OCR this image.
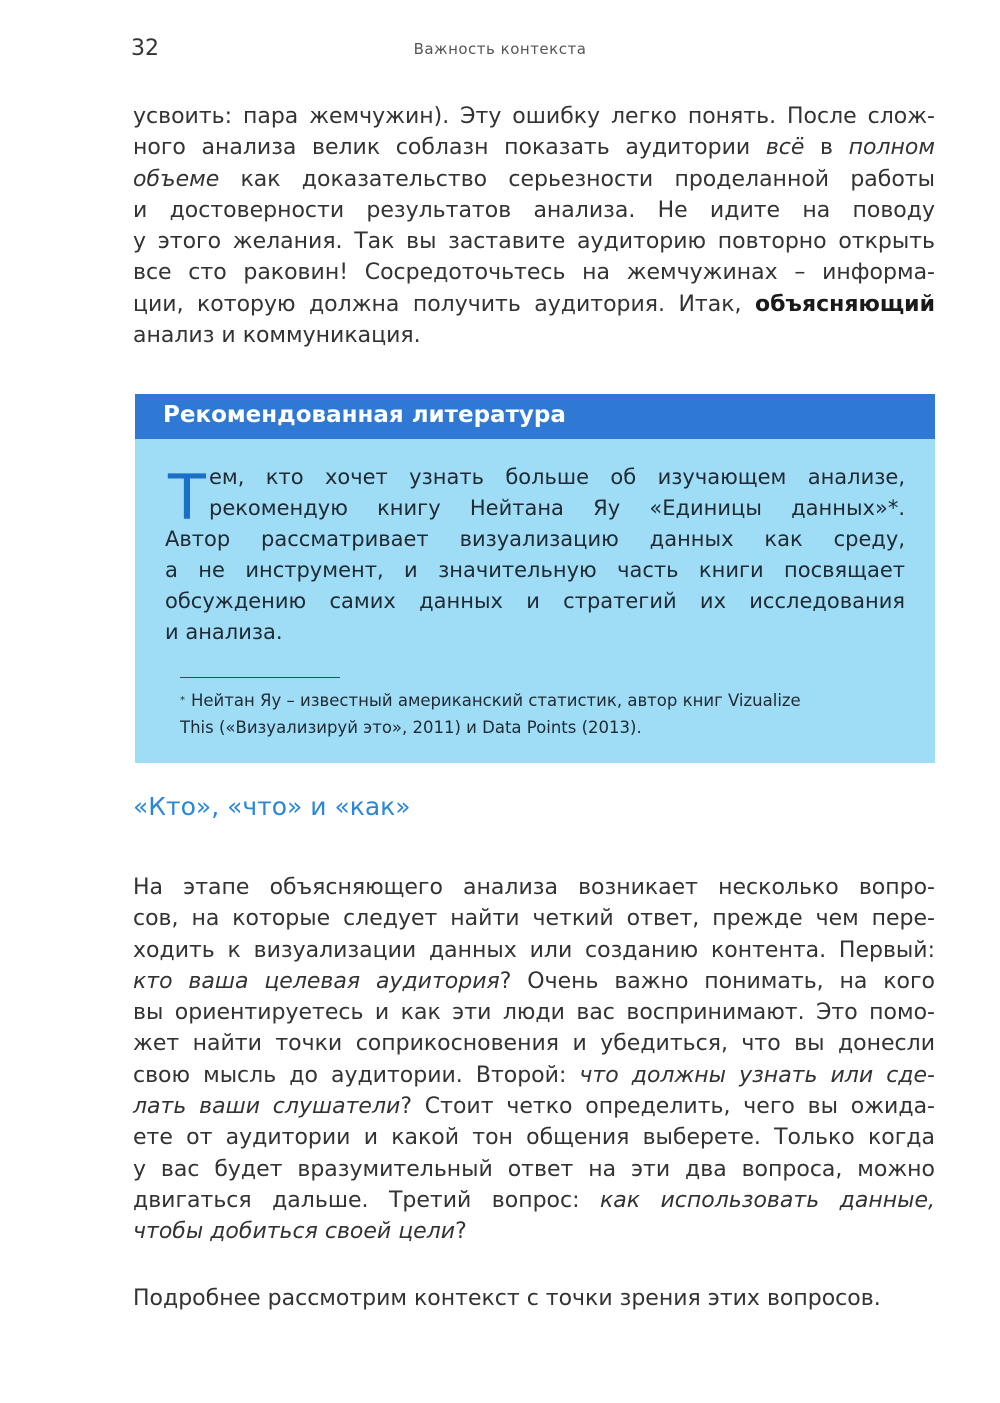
32	Важность контекста
усвоить: пара жемчужин). Эту ошибку легко понять. После слож-
ного анализа велик соблазн показать аудитории всё в полном
объеме как доказательство серьезности проделанной работы
и достоверности результатов анализа. Не идите на поводу
у этого желания. Так вы заставите аудиторию повторно открыть
все сто раковин! Сосредоточьтесь на жемчужинах – информа-
ции, которую должна получить аудитория. Итак, объясняющий
анализ и коммуникация.
Рекомендованная литература
Т ем, кто хочет узнать больше об изучающем анализе,
рекомендую книгу Нейтана Яу «Единицы данных»*.
Автор рассматривает визуализацию данных как среду,
а не инструмент, и значительную часть книги посвящает
обсуждению самих данных и стратегий их исследования
и анализа.
* Нейтан Яу – известный американский статистик, автор книг Vizualize
This («Визуализируй это», 2011) и Data Points (2013).
«Кто», «что» и «как»
На этапе объясняющего анализа возникает несколько вопро-
сов, на которые следует найти четкий ответ, прежде чем пере-
ходить к визуализации данных или созданию контента. Первый:
кто ваша целевая аудитория? Очень важно понимать, на кого
вы ориентируетесь и как эти люди вас воспринимают. Это помо-
жет найти точки соприкосновения и убедиться, что вы донесли
свою мысль до аудитории. Второй: что должны узнать или сде-
лать ваши слушатели? Стоит четко определить, чего вы ожида-
ете от аудитории и какой тон общения выберете. Только когда
у вас будет вразумительный ответ на эти два вопроса, можно
двигаться дальше. Третий вопрос: как использовать данные,
чтобы добиться своей цели?
Подробнее рассмотрим контекст с точки зрения этих вопросов.
